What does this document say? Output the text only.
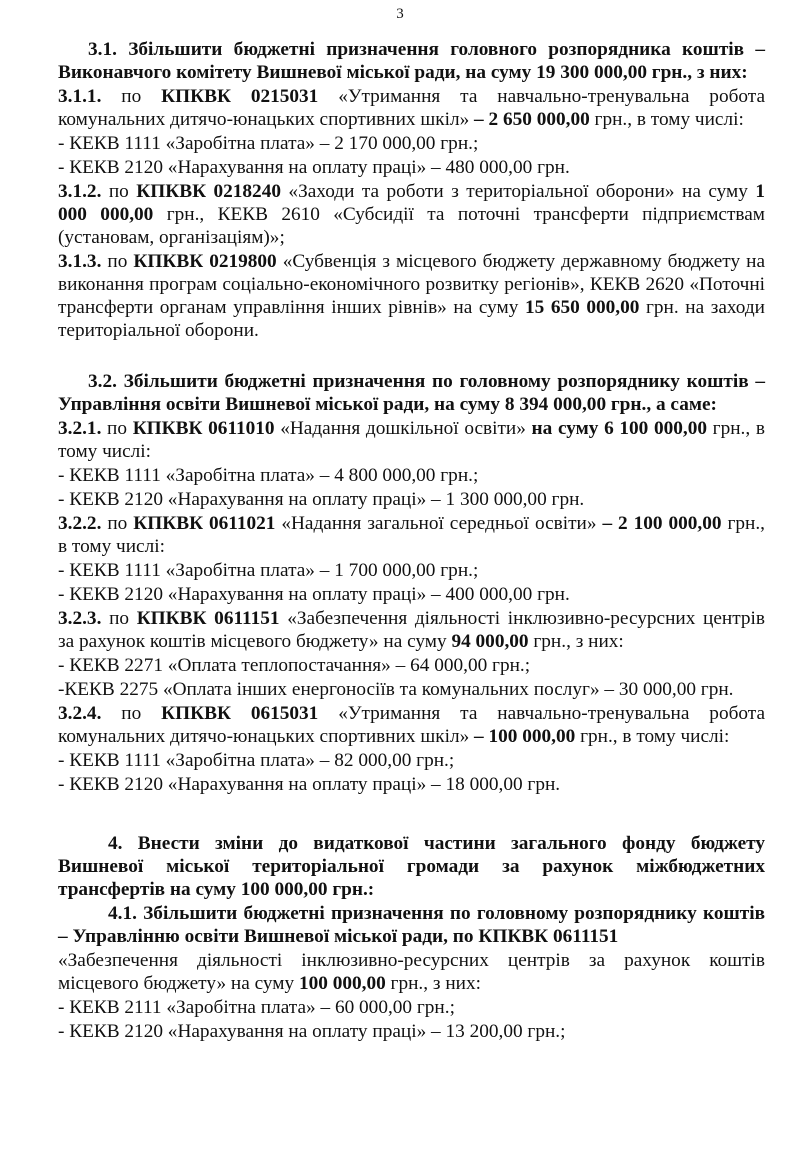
3

3.1. Збільшити бюджетні призначення головного розпорядника коштів – Виконавчого комітету Вишневої міської ради, на суму 19 300 000,00 грн., з них:

3.1.1. по КПКВК 0215031 «Утримання та навчально-тренувальна робота комунальних дитячо-юнацьких спортивних шкіл» – 2 650 000,00 грн., в тому числі:

- КЕКВ 1111 «Заробітна плата» – 2 170 000,00 грн.;

- КЕКВ 2120 «Нарахування на оплату праці» – 480 000,00 грн.

3.1.2. по КПКВК 0218240 «Заходи та роботи з територіальної оборони» на суму 1 000 000,00 грн., КЕКВ 2610 «Субсидії та поточні трансферти підприємствам (установам, організаціям)»;

3.1.3. по КПКВК 0219800 «Субвенція з місцевого бюджету державному бюджету на виконання програм соціально-економічного розвитку регіонів», КЕКВ 2620 «Поточні трансферти органам управління інших рівнів» на суму 15 650 000,00 грн. на заходи територіальної оборони.

3.2. Збільшити бюджетні призначення по головному розпоряднику коштів – Управління освіти Вишневої міської ради, на суму 8 394 000,00 грн., а саме:

3.2.1. по КПКВК 0611010 «Надання дошкільної освіти» на суму 6 100 000,00 грн., в тому числі:

- КЕКВ 1111 «Заробітна плата» – 4 800 000,00 грн.;

- КЕКВ 2120 «Нарахування на оплату праці» – 1 300 000,00 грн.

3.2.2. по КПКВК 0611021 «Надання загальної середньої освіти» – 2 100 000,00 грн., в тому числі:

- КЕКВ 1111 «Заробітна плата» – 1 700 000,00 грн.;

- КЕКВ 2120 «Нарахування на оплату праці» – 400 000,00 грн.

3.2.3. по КПКВК 0611151 «Забезпечення діяльності інклюзивно-ресурсних центрів за рахунок коштів місцевого бюджету» на суму 94 000,00 грн., з них:

- КЕКВ 2271 «Оплата теплопостачання» – 64 000,00 грн.;

-КЕКВ 2275 «Оплата інших енергоносіїв та комунальних послуг» – 30 000,00 грн.

3.2.4. по КПКВК 0615031 «Утримання та навчально-тренувальна робота комунальних дитячо-юнацьких спортивних шкіл» – 100 000,00 грн., в тому числі:

- КЕКВ 1111 «Заробітна плата» – 82 000,00 грн.;

- КЕКВ 2120 «Нарахування на оплату праці» – 18 000,00 грн.

4. Внести зміни до видаткової частини загального фонду бюджету Вишневої міської територіальної громади за рахунок міжбюджетних трансфертів на суму 100 000,00 грн.:

4.1. Збільшити бюджетні призначення по головному розпоряднику коштів – Управлінню освіти Вишневої міської ради, по КПКВК 0611151

«Забезпечення діяльності інклюзивно-ресурсних центрів за рахунок коштів місцевого бюджету» на суму 100 000,00 грн., з них:

- КЕКВ 2111 «Заробітна плата» – 60 000,00 грн.;

- КЕКВ 2120 «Нарахування на оплату праці» – 13 200,00 грн.;
